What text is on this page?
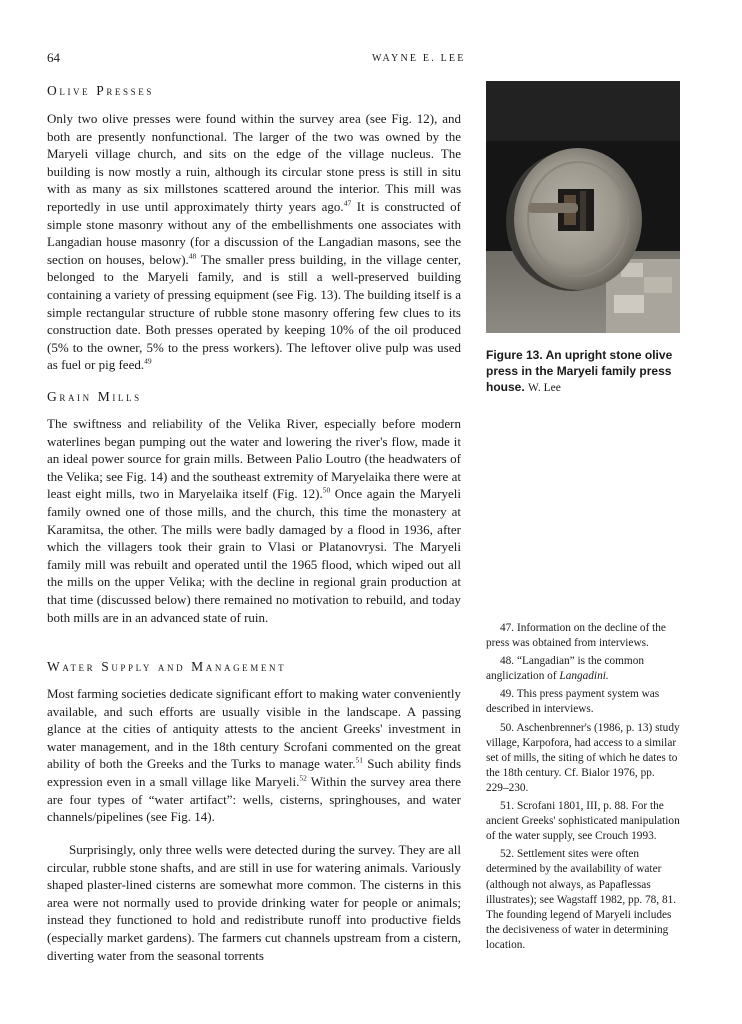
64	WAYNE E. LEE
Olive Presses

Only two olive presses were found within the survey area (see Fig. 12), and both are presently nonfunctional. The larger of the two was owned by the Maryeli village church, and sits on the edge of the village nucleus. The building is now mostly a ruin, although its circular stone press is still in situ with as many as six millstones scattered around the interior. This mill was reportedly in use until approximately thirty years ago.$^{47}$ It is constructed of simple stone masonry without any of the embellishments one associates with Langadian house masonry (for a discussion of the Langadian masons, see the section on houses, below).$^{48}$ The smaller press building, in the village center, belonged to the Maryeli family, and is still a well-preserved building containing a variety of pressing equipment (see Fig. 13). The building itself is a simple rectangular structure of rubble stone masonry offering few clues to its construction date. Both presses operated by keeping 10% of the oil produced (5% to the owner, 5% to the press workers). The leftover olive pulp was used as fuel or pig feed.$^{49}$

Grain Mills

The swiftness and reliability of the Velika River, especially before modern waterlines began pumping out the water and lowering the river's flow, made it an ideal power source for grain mills. Between Palio Loutro (the headwaters of the Velika; see Fig. 14) and the southeast extremity of Maryelaika there were at least eight mills, two in Maryelaika itself (Fig. 12).$^{50}$ Once again the Maryeli family owned one of those mills, and the church, this time the monastery at Karamitsa, the other. The mills were badly damaged by a flood in 1936, after which the villagers took their grain to Vlasi or Platanovrysi. The Maryeli family mill was rebuilt and operated until the 1965 flood, which wiped out all the mills on the upper Velika; with the decline in regional grain production at that time (discussed below) there remained no motivation to rebuild, and today both mills are in an advanced state of ruin.

Water Supply and Management

Most farming societies dedicate significant effort to making water conveniently available, and such efforts are usually visible in the landscape. A passing glance at the cities of antiquity attests to the ancient Greeks' investment in water management, and in the 18th century Scrofani commented on the great ability of both the Greeks and the Turks to manage water.$^{51}$ Such ability finds expression even in a small village like Maryeli.$^{52}$ Within the survey area there are four types of “water artifact”: wells, cisterns, springhouses, and water channels/pipelines (see Fig. 14).

Surprisingly, only three wells were detected during the survey. They are all circular, rubble stone shafts, and are still in use for watering animals. Variously shaped plaster-lined cisterns are somewhat more common. The cisterns in this area were not normally used to provide drinking water for people or animals; instead they functioned to hold and redistribute runoff into productive fields (especially market gardens). The farmers cut channels upstream from a cistern, diverting water from the seasonal torrents

Figure 13. An upright stone olive press in the Maryeli family press house. W. Lee

47. Information on the decline of the press was obtained from interviews.

48. “Langadian” is the common anglicization of Langadini.

49. This press payment system was described in interviews.

50. Aschenbrenner's (1986, p. 13) study village, Karpofora, had access to a similar set of mills, the siting of which he dates to the 18th century. Cf. Bialor 1976, pp. 229–230.

51. Scrofani 1801, III, p. 88. For the ancient Greeks' sophisticated manipulation of the water supply, see Crouch 1993.

52. Settlement sites were often determined by the availability of water (although not always, as Papaflessas illustrates); see Wagstaff 1982, pp. 78, 81. The founding legend of Maryeli includes the decisiveness of water in determining location.
